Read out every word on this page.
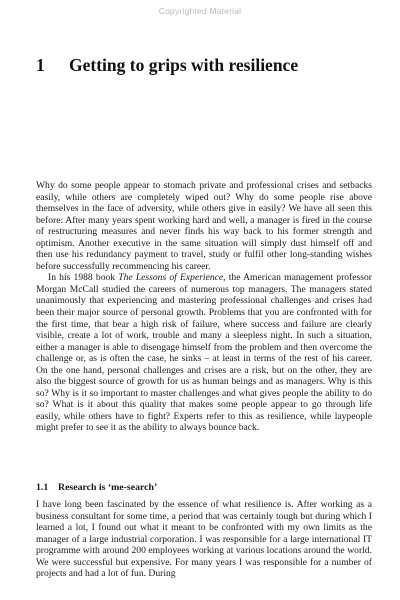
Copyrighted Material
1 Getting to grips with resilience

Why do some people appear to stomach private and professional crises and setbacks easily, while others are completely wiped out? Why do some people rise above themselves in the face of adversity, while others give in easily? We have all seen this before: After many years spent working hard and well, a manager is fired in the course of restructuring measures and never finds his way back to his former strength and optimism. Another executive in the same situation will simply dust himself off and then use his redundancy payment to travel, study or fulfil other long-standing wishes before successfully recommencing his career.

In his 1988 book The Lessons of Experience, the American management professor Morgan McCall studied the careers of numerous top managers. The managers stated unanimously that experiencing and mastering professional challenges and crises had been their major source of personal growth. Problems that you are confronted with for the first time, that bear a high risk of failure, where success and failure are clearly visible, create a lot of work, trouble and many a sleepless night. In such a situation, either a manager is able to disengage himself from the problem and then overcome the challenge or, as is often the case, he sinks – at least in terms of the rest of his career. On the one hand, personal challenges and crises are a risk, but on the other, they are also the biggest source of growth for us as human beings and as managers. Why is this so? Why is it so important to master challenges and what gives people the ability to do so? What is it about this quality that makes some people appear to go through life easily, while others have to fight? Experts refer to this as resilience, while laypeople might prefer to see it as the ability to always bounce back.

1.1 Research is ‘me-search’

I have long been fascinated by the essence of what resilience is. After working as a business consultant for some time, a period that was certainly tough but during which I learned a lot, I found out what it meant to be confronted with my own limits as the manager of a large industrial corporation. I was responsible for a large international IT programme with around 200 employees working at various locations around the world. We were successful but expensive. For many years I was responsible for a number of projects and had a lot of fun. During
